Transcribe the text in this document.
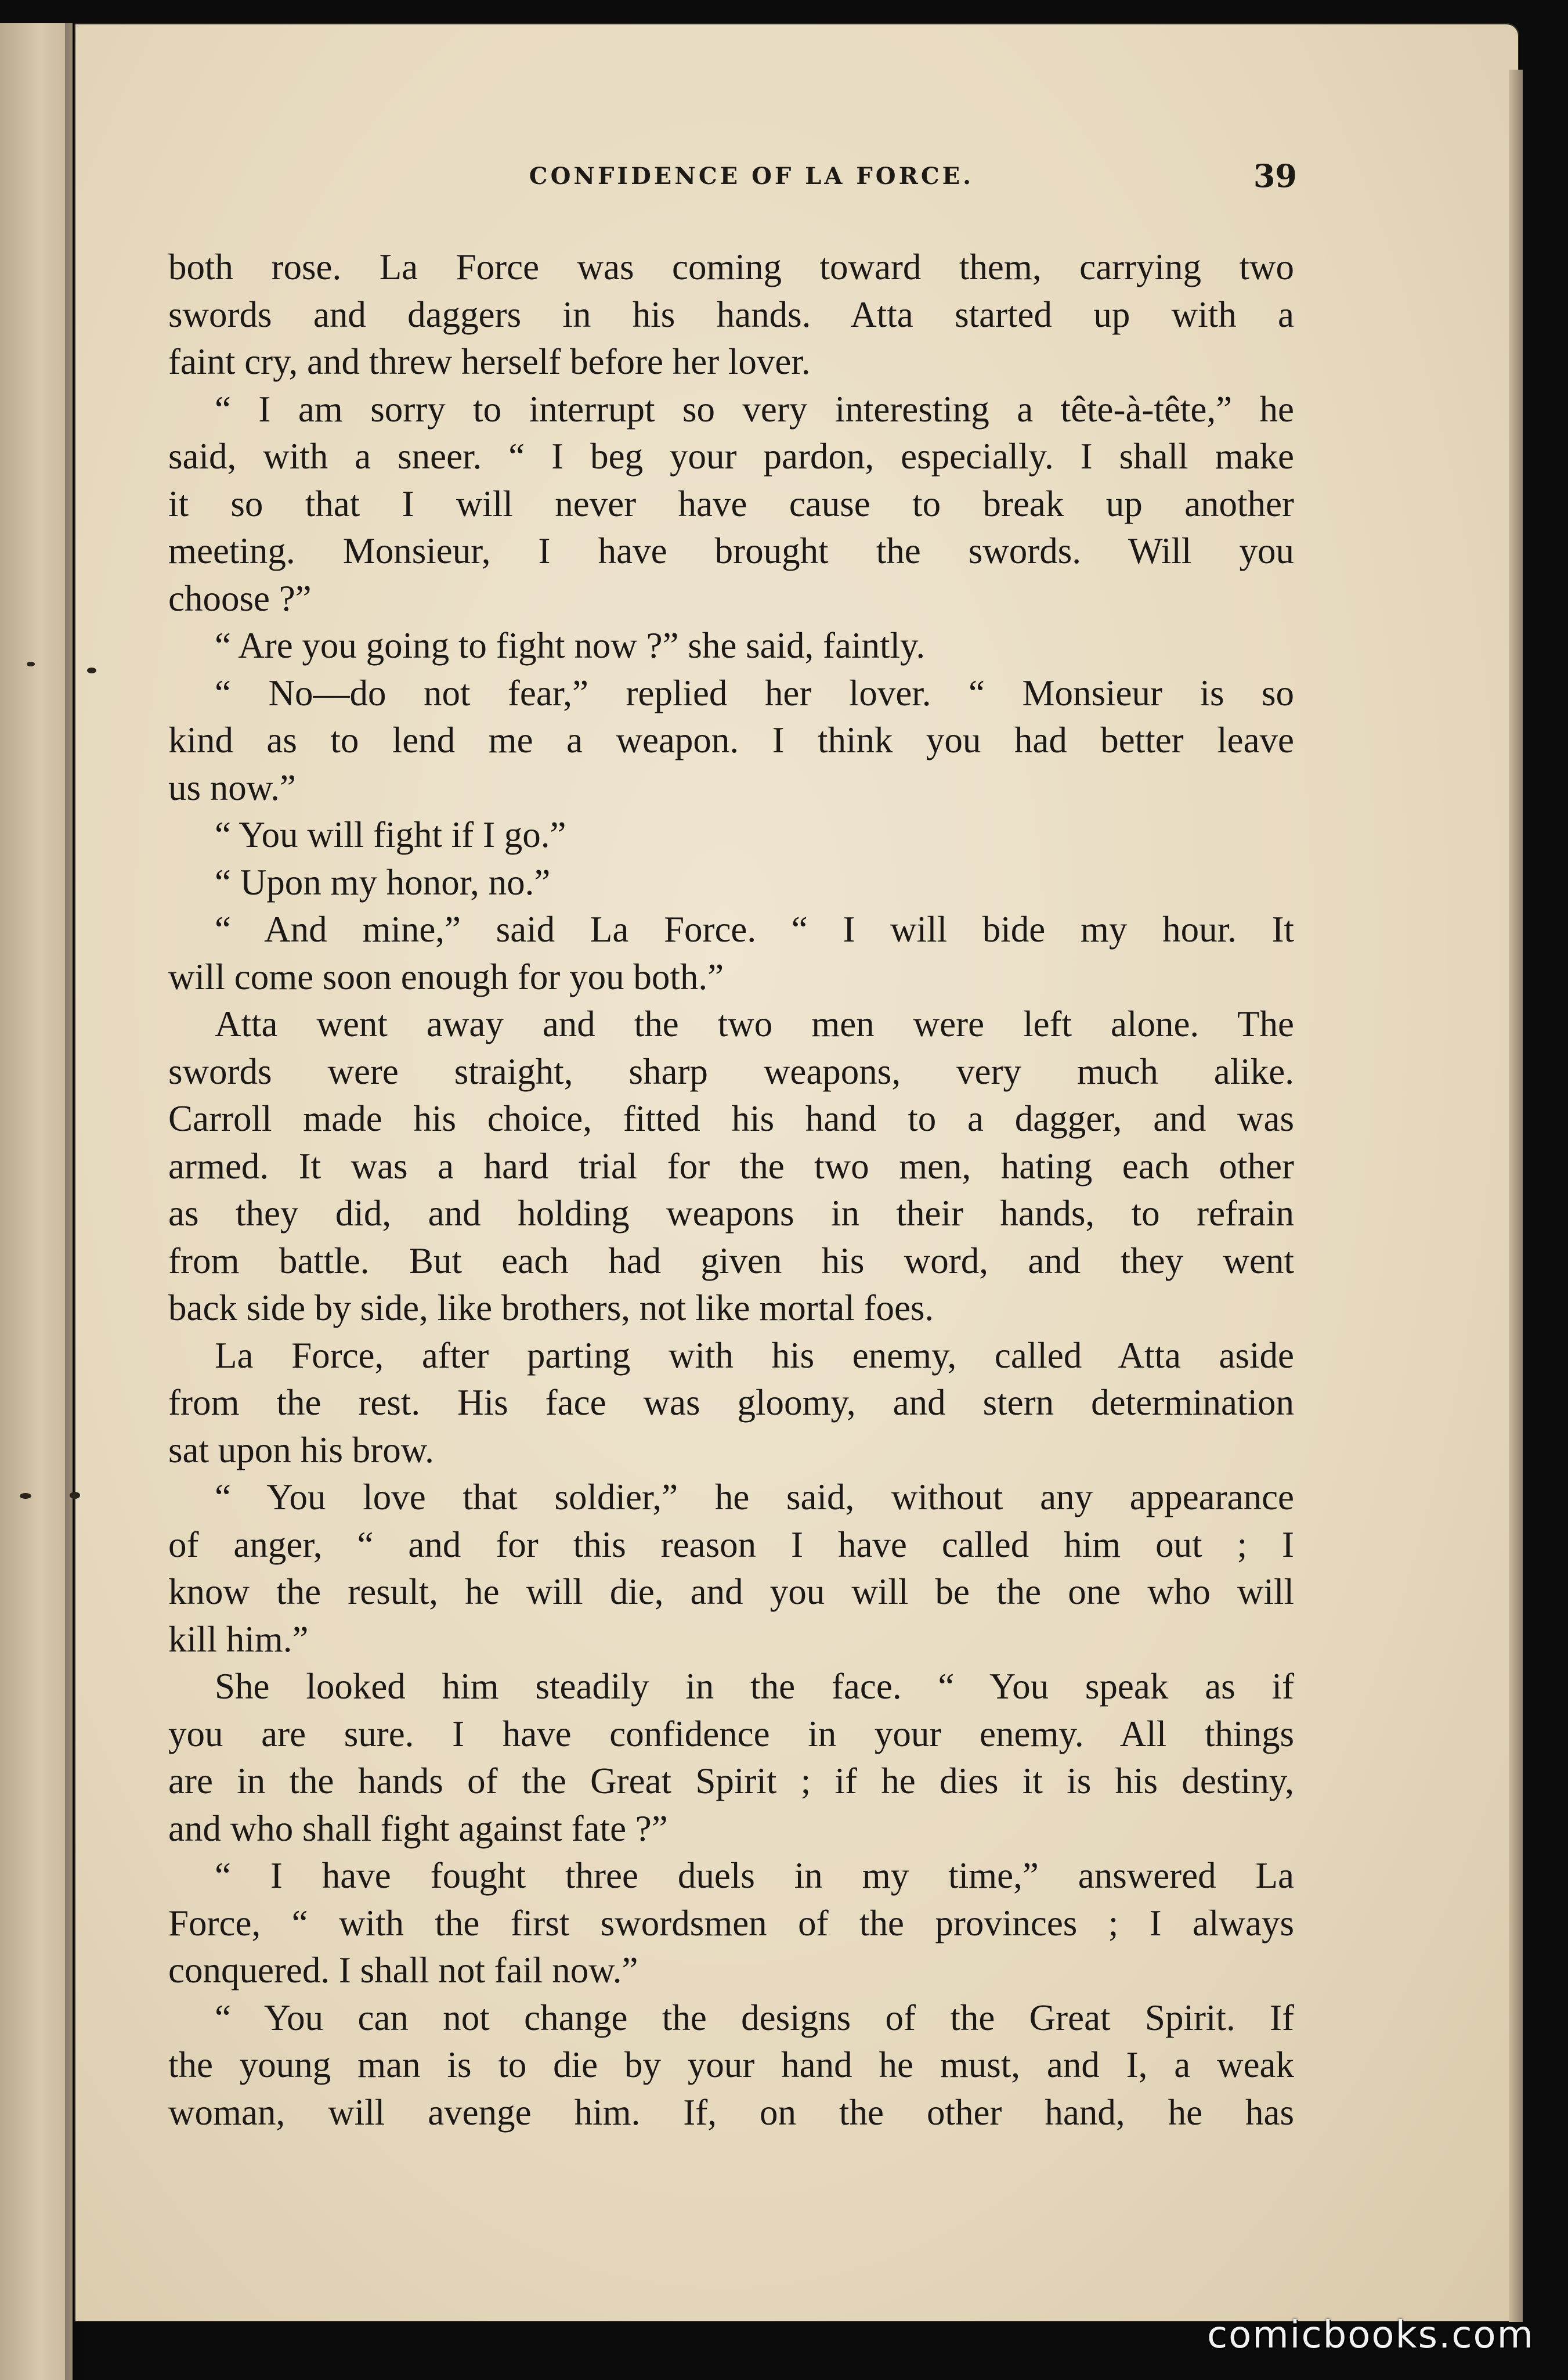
CONFIDENCE OF LA FORCE.	39
both rose. La Force was coming toward them, carrying two
swords and daggers in his hands. Atta started up with a
faint cry, and threw herself before her lover.
“ I am sorry to interrupt so very interesting a tête-à-tête,” he
said, with a sneer. “ I beg your pardon, especially. I shall make
it so that I will never have cause to break up another
meeting. Monsieur, I have brought the swords. Will you
choose ?”
“ Are you going to fight now ?” she said, faintly.
“ No—do not fear,” replied her lover. “ Monsieur is so
kind as to lend me a weapon. I think you had better leave
us now.”
“ You will fight if I go.”
“ Upon my honor, no.”
“ And mine,” said La Force. “ I will bide my hour. It
will come soon enough for you both.”
Atta went away and the two men were left alone. The
swords were straight, sharp weapons, very much alike.
Carroll made his choice, fitted his hand to a dagger, and was
armed. It was a hard trial for the two men, hating each other
as they did, and holding weapons in their hands, to refrain
from battle. But each had given his word, and they went
back side by side, like brothers, not like mortal foes.
La Force, after parting with his enemy, called Atta aside
from the rest. His face was gloomy, and stern determination
sat upon his brow.
“ You love that soldier,” he said, without any appearance
of anger, “ and for this reason I have called him out ; I
know the result, he will die, and you will be the one who will
kill him.”
She looked him steadily in the face. “ You speak as if
you are sure. I have confidence in your enemy. All things
are in the hands of the Great Spirit ; if he dies it is his destiny,
and who shall fight against fate ?”
“ I have fought three duels in my time,” answered La
Force, “ with the first swordsmen of the provinces ; I always
conquered. I shall not fail now.”
“ You can not change the designs of the Great Spirit. If
the young man is to die by your hand he must, and I, a weak
woman, will avenge him. If, on the other hand, he has
comicbooks.com
